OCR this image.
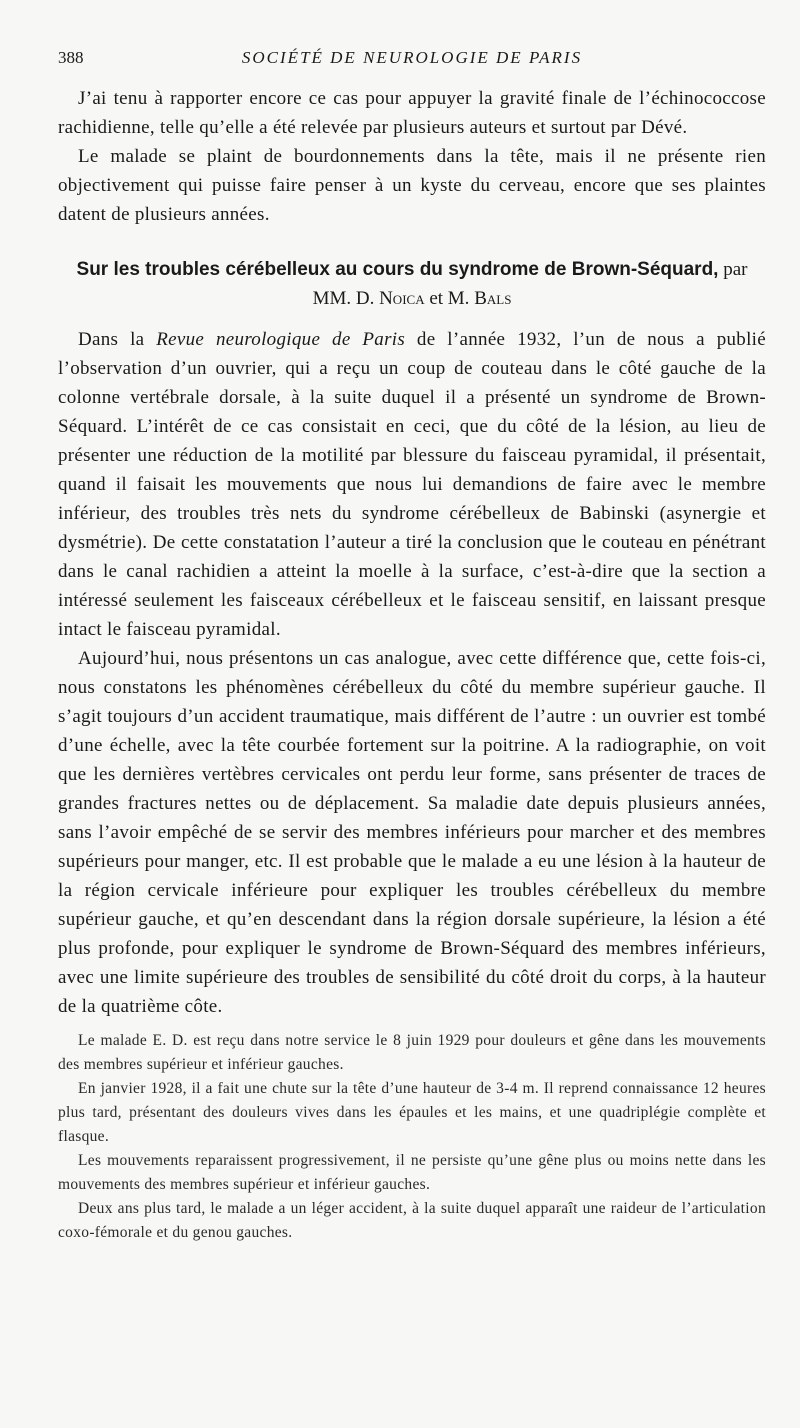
388	SOCIÉTÉ DE NEUROLOGIE DE PARIS

J’ai tenu à rapporter encore ce cas pour appuyer la gravité finale de l’échinococcose rachidienne, telle qu’elle a été relevée par plusieurs auteurs et surtout par Dévé.

Le malade se plaint de bourdonnements dans la tête, mais il ne présente rien objectivement qui puisse faire penser à un kyste du cerveau, encore que ses plaintes datent de plusieurs années.

Sur les troubles cérébelleux au cours du syndrome de Brown-Séquard, par MM. D. Noica et M. Bals

Dans la Revue neurologique de Paris de l’année 1932, l’un de nous a publié l’observation d’un ouvrier, qui a reçu un coup de couteau dans le côté gauche de la colonne vertébrale dorsale, à la suite duquel il a présenté un syndrome de Brown-Séquard. L’intérêt de ce cas consistait en ceci, que du côté de la lésion, au lieu de présenter une réduction de la motilité par blessure du faisceau pyramidal, il présentait, quand il faisait les mouvements que nous lui demandions de faire avec le membre inférieur, des troubles très nets du syndrome cérébelleux de Babinski (asynergie et dysmétrie). De cette constatation l’auteur a tiré la conclusion que le couteau en pénétrant dans le canal rachidien a atteint la moelle à la surface, c’est-à-dire que la section a intéressé seulement les faisceaux cérébelleux et le faisceau sensitif, en laissant presque intact le faisceau pyramidal.

Aujourd’hui, nous présentons un cas analogue, avec cette différence que, cette fois-ci, nous constatons les phénomènes cérébelleux du côté du membre supérieur gauche. Il s’agit toujours d’un accident traumatique, mais différent de l’autre : un ouvrier est tombé d’une échelle, avec la tête courbée fortement sur la poitrine. A la radiographie, on voit que les dernières vertèbres cervicales ont perdu leur forme, sans présenter de traces de grandes fractures nettes ou de déplacement. Sa maladie date depuis plusieurs années, sans l’avoir empêché de se servir des membres inférieurs pour marcher et des membres supérieurs pour manger, etc. Il est probable que le malade a eu une lésion à la hauteur de la région cervicale inférieure pour expliquer les troubles cérébelleux du membre supérieur gauche, et qu’en descendant dans la région dorsale supérieure, la lésion a été plus profonde, pour expliquer le syndrome de Brown-Séquard des membres inférieurs, avec une limite supérieure des troubles de sensibilité du côté droit du corps, à la hauteur de la quatrième côte.

Le malade E. D. est reçu dans notre service le 8 juin 1929 pour douleurs et gêne dans les mouvements des membres supérieur et inférieur gauches.

En janvier 1928, il a fait une chute sur la tête d’une hauteur de 3-4 m. Il reprend connaissance 12 heures plus tard, présentant des douleurs vives dans les épaules et les mains, et une quadriplégie complète et flasque.

Les mouvements reparaissent progressivement, il ne persiste qu’une gêne plus ou moins nette dans les mouvements des membres supérieur et inférieur gauches.

Deux ans plus tard, le malade a un léger accident, à la suite duquel apparaît une raideur de l’articulation coxo-fémorale et du genou gauches.
